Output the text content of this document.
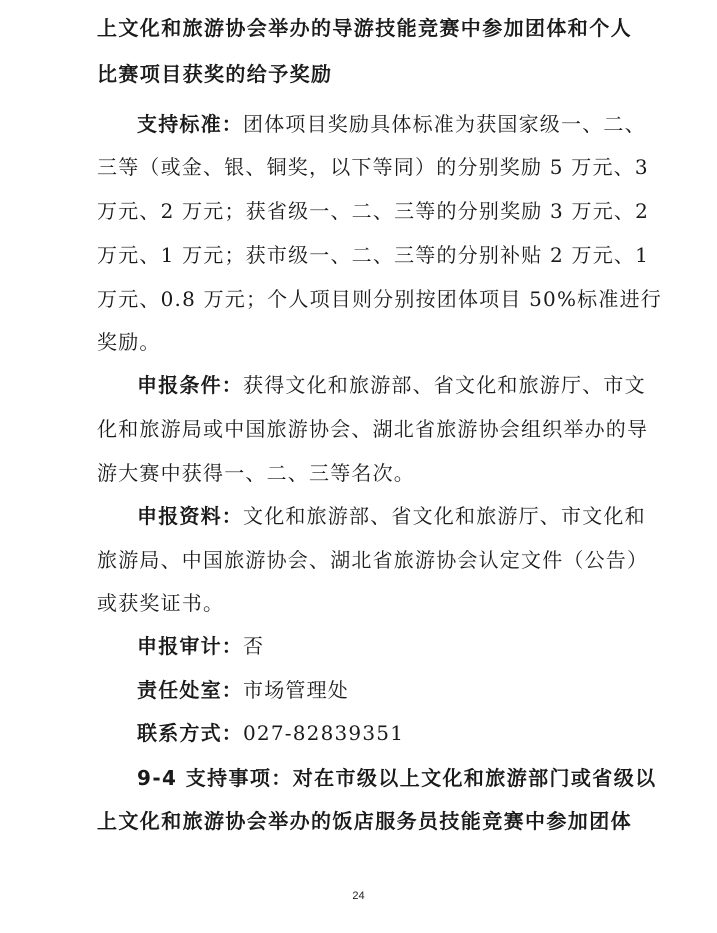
上文化和旅游协会举办的导游技能竞赛中参加团体和个人
比赛项目获奖的给予奖励
支持标准：团体项目奖励具体标准为获国家级一、二、
三等（或金、银、铜奖，以下等同）的分别奖励 5 万元、3
万元、2 万元；获省级一、二、三等的分别奖励 3 万元、2
万元、1 万元；获市级一、二、三等的分别补贴 2 万元、1
万元、0.8 万元；个人项目则分别按团体项目 50%标准进行
奖励。
申报条件：获得文化和旅游部、省文化和旅游厅、市文
化和旅游局或中国旅游协会、湖北省旅游协会组织举办的导
游大赛中获得一、二、三等名次。
申报资料：文化和旅游部、省文化和旅游厅、市文化和
旅游局、中国旅游协会、湖北省旅游协会认定文件（公告）
或获奖证书。
申报审计：否
责任处室：市场管理处
联系方式：027-82839351
9-4 支持事项：对在市级以上文化和旅游部门或省级以
上文化和旅游协会举办的饭店服务员技能竞赛中参加团体
24
